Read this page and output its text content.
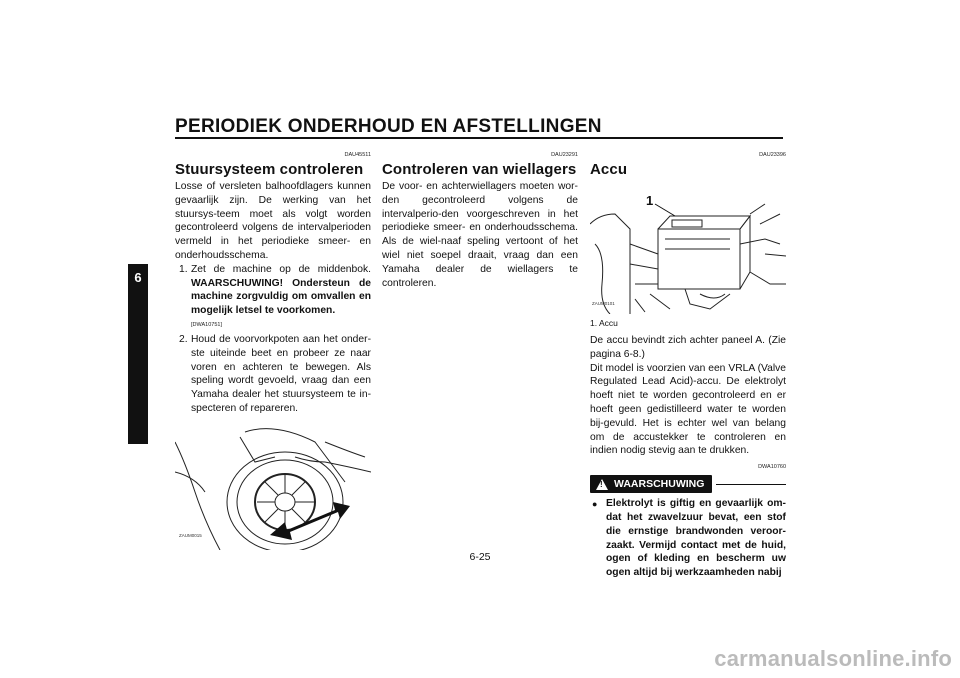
PERIODIEK ONDERHOUD EN AFSTELLINGEN
6
DAU45511
Stuursysteem controleren

Losse of versleten balhoofdlagers kunnen gevaarlijk zijn. De werking van het stuursys-teem moet als volgt worden gecontroleerd volgens de intervalperioden vermeld in het periodieke smeer- en onderhoudsschema.

1. Zet de machine op de middenbok. WAARSCHUWING! Ondersteun de machine zorgvuldig om omvallen en mogelijk letsel te voorkomen.
[DWA10751]
2. Houd de voorvorkpoten aan het onder-ste uiteinde beet en probeer ze naar voren en achteren te bewegen. Als speling wordt gevoeld, vraag dan een Yamaha dealer het stuursysteem te in-specteren of repareren.
ZAUM0015
DAU23291
Controleren van wiellagers

De voor- en achterwiellagers moeten wor-den gecontroleerd volgens de intervalperio-den voorgeschreven in het periodieke smeer- en onderhoudsschema. Als de wiel-naaf speling vertoont of het wiel niet soepel draait, vraag dan een Yamaha dealer de wiellagers te controleren.

DAU23396
Accu
1
ZAUM0101
1. Accu

De accu bevindt zich achter paneel A. (Zie pagina 6-8.)

Dit model is voorzien van een VRLA (Valve Regulated Lead Acid)-accu. De elektrolyt hoeft niet te worden gecontroleerd en er hoeft geen gedistilleerd water te worden bij-gevuld. Het is echter wel van belang om de accustekker te controleren en indien nodig stevig aan te drukken.

DWA10760
! WAARSCHUWING
● Elektrolyt is giftig en gevaarlijk om-dat het zwavelzuur bevat, een stof die ernstige brandwonden veroor-zaakt. Vermijd contact met de huid, ogen of kleding en bescherm uw ogen altijd bij werkzaamheden nabij
6-25
carmanualsonline.info
